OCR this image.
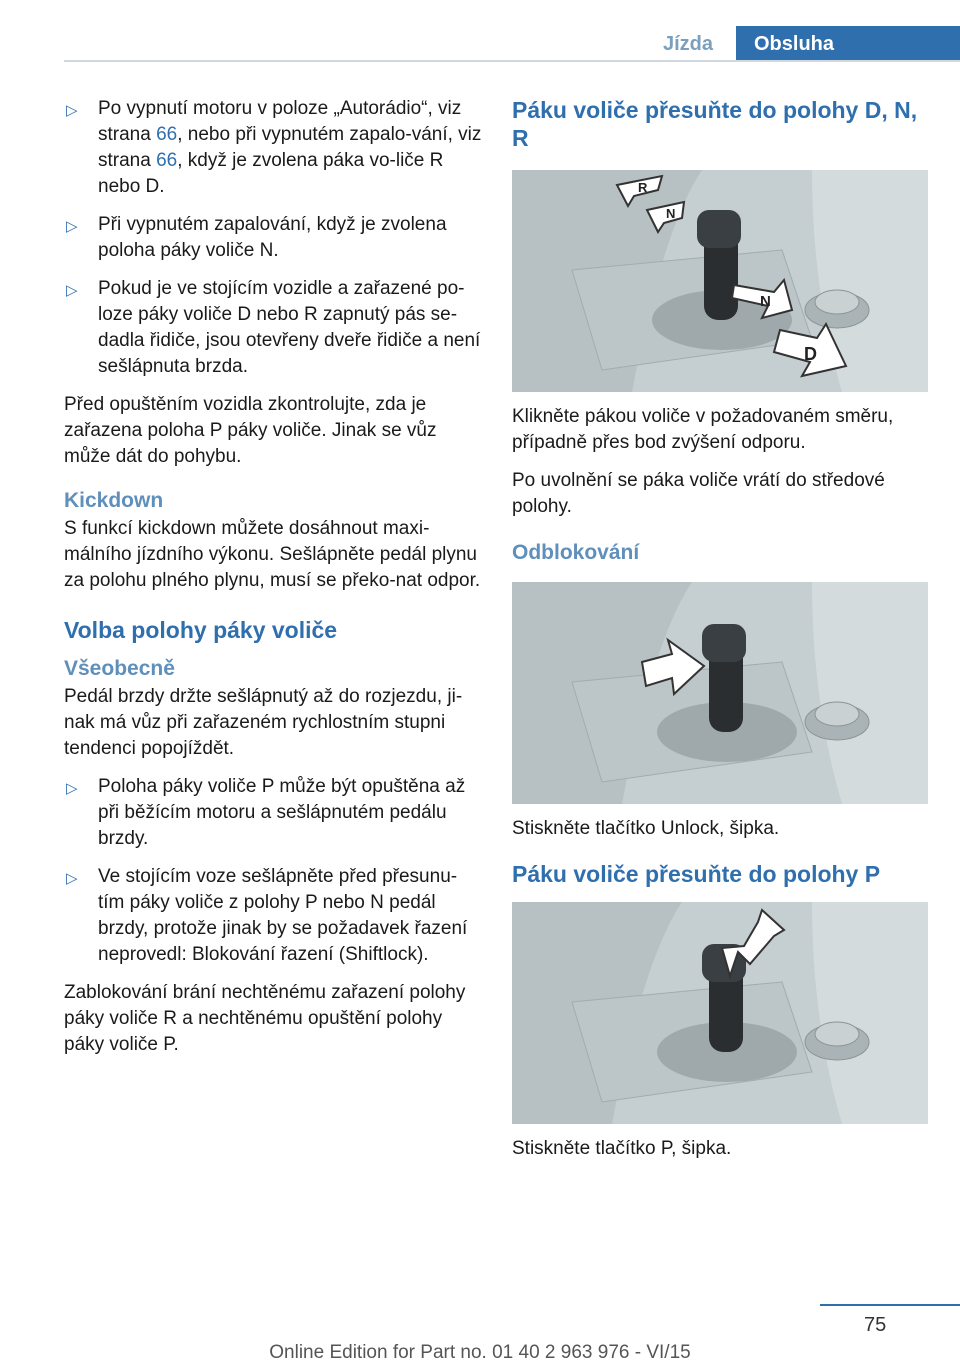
Jízda	Obsluha
▷ Po vypnutí motoru v poloze „Autorádio“, viz strana 66, nebo při vypnutém zapalo‐vání, viz strana 66, když je zvolena páka vo‐liče R nebo D.
▷ Při vypnutém zapalování, když je zvolena poloha páky voliče N.
▷ Pokud je ve stojícím vozidle a zařazené po‐loze páky voliče D nebo R zapnutý pás se‐dadla řidiče, jsou otevřeny dveře řidiče a není sešlápnuta brzda.

Před opuštěním vozidla zkontrolujte, zda je zařazena poloha P páky voliče. Jinak se vůz může dát do pohybu.

Kickdown

S funkcí kickdown můžete dosáhnout maxi‐málního jízdního výkonu. Sešlápněte pedál plynu za polohu plného plynu, musí se překo‐nat odpor.

Volba polohy páky voliče
Všeobecně

Pedál brzdy držte sešlápnutý až do rozjezdu, ji‐nak má vůz při zařazeném rychlostním stupni tendenci popojíždět.

▷ Poloha páky voliče P může být opuštěna až při běžícím motoru a sešlápnutém pedálu brzdy.
▷ Ve stojícím voze sešlápněte před přesunu‐tím páky voliče z polohy P nebo N pedál brzdy, protože jinak by se požadavek řazení neprovedl: Blokování řazení (Shiftlock).

Zablokování brání nechtěnému zařazení polohy páky voliče R a nechtěnému opuštění polohy páky voliče P.

Páku voliče přesuňte do polohy D, N, R
R
N
N
D

Klikněte pákou voliče v požadovaném směru, případně přes bod zvýšení odporu.

Po uvolnění se páka voliče vrátí do středové polohy.

Odblokování

Stiskněte tlačítko Unlock, šipka.

Páku voliče přesuňte do polohy P

Stiskněte tlačítko P, šipka.

75
Online Edition for Part no. 01 40 2 963 976 - VI/15
